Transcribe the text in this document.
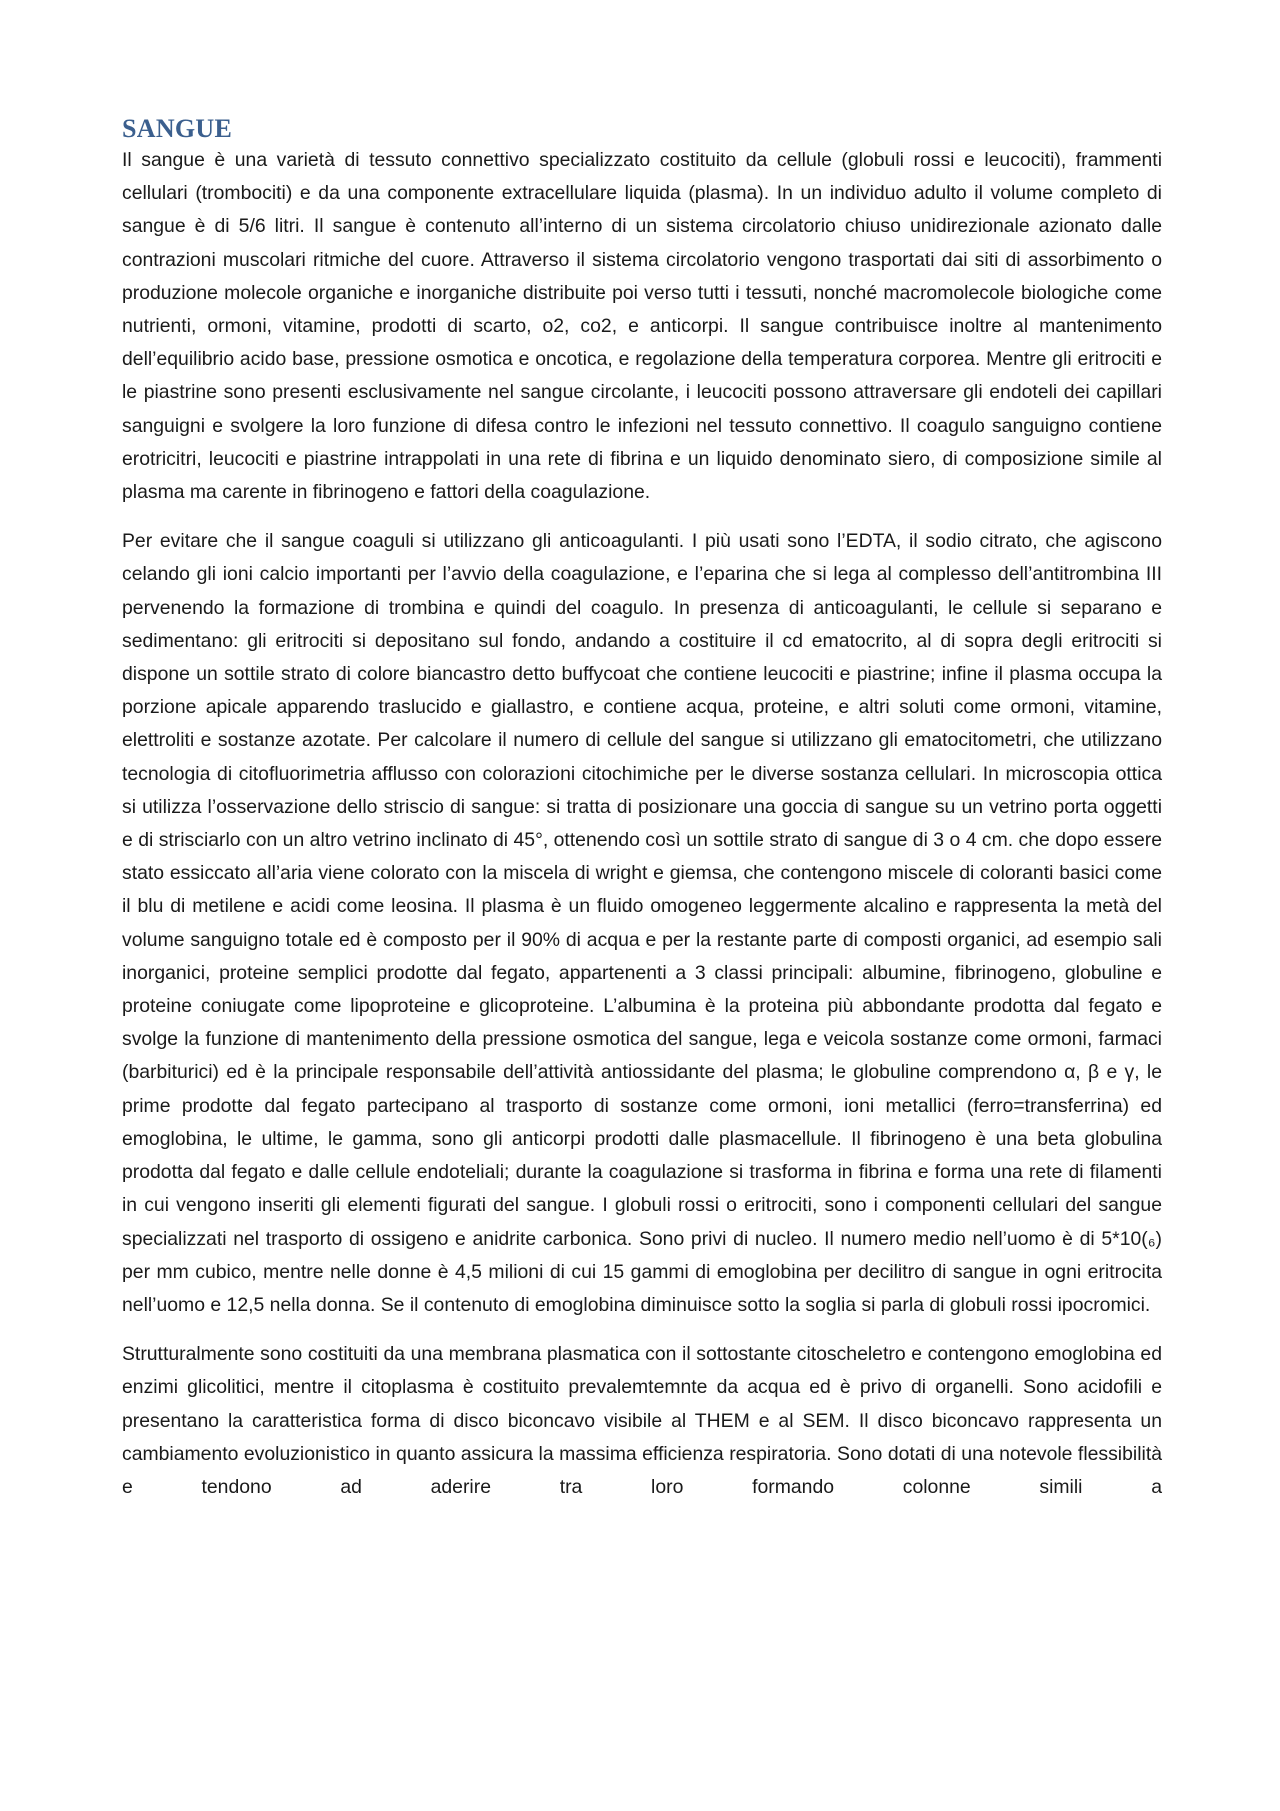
SANGUE

Il sangue è una varietà di tessuto connettivo specializzato costituito da cellule (globuli rossi e leucociti), frammenti cellulari (trombociti) e da una componente extracellulare liquida (plasma). In un individuo adulto il volume completo di sangue è di 5/6 litri. Il sangue è contenuto all’interno di un sistema circolatorio chiuso unidirezionale azionato dalle contrazioni muscolari ritmiche del cuore. Attraverso il sistema circolatorio vengono trasportati dai siti di assorbimento o produzione molecole organiche e inorganiche distribuite poi verso tutti i tessuti, nonché macromolecole biologiche come nutrienti, ormoni, vitamine, prodotti di scarto, o2, co2, e anticorpi. Il sangue contribuisce inoltre al mantenimento dell’equilibrio acido base, pressione osmotica e oncotica, e regolazione della temperatura corporea. Mentre gli eritrociti e le piastrine sono presenti esclusivamente nel sangue circolante, i leucociti possono attraversare gli endoteli dei capillari sanguigni e svolgere la loro funzione di difesa contro le infezioni nel tessuto connettivo. Il coagulo sanguigno contiene erotricitri, leucociti e piastrine intrappolati in una rete di fibrina e un liquido denominato siero, di composizione simile al plasma ma carente in fibrinogeno e fattori della coagulazione.

Per evitare che il sangue coaguli si utilizzano gli anticoagulanti. I più usati sono l’EDTA, il sodio citrato, che agiscono celando gli ioni calcio importanti per l’avvio della coagulazione, e l’eparina che si lega al complesso dell’antitrombina III pervenendo la formazione di trombina e quindi del coagulo. In presenza di anticoagulanti, le cellule si separano e sedimentano: gli eritrociti si depositano sul fondo, andando a costituire il cd ematocrito, al di sopra degli eritrociti si dispone un sottile strato di colore biancastro detto buffycoat che contiene leucociti e piastrine; infine il plasma occupa la porzione apicale apparendo traslucido e giallastro, e contiene acqua, proteine, e altri soluti come ormoni, vitamine, elettroliti e sostanze azotate. Per calcolare il numero di cellule del sangue si utilizzano gli ematocitometri, che utilizzano tecnologia di citofluorimetria afflusso con colorazioni citochimiche per le diverse sostanza cellulari. In microscopia ottica si utilizza l’osservazione dello striscio di sangue: si tratta di posizionare una goccia di sangue su un vetrino porta oggetti e di strisciarlo con un altro vetrino inclinato di 45°, ottenendo così un sottile strato di sangue di 3 o 4 cm. che dopo essere stato essiccato all’aria viene colorato con la miscela di wright e giemsa, che contengono miscele di coloranti basici come il blu di metilene e acidi come leosina. Il plasma è un fluido omogeneo leggermente alcalino e rappresenta la metà del volume sanguigno totale ed è composto per il 90% di acqua e per la restante parte di composti organici, ad esempio sali inorganici, proteine semplici prodotte dal fegato, appartenenti a 3 classi principali: albumine, fibrinogeno, globuline e proteine coniugate come lipoproteine e glicoproteine. L’albumina è la proteina più abbondante prodotta dal fegato e svolge la funzione di mantenimento della pressione osmotica del sangue, lega e veicola sostanze come ormoni, farmaci (barbiturici) ed è la principale responsabile dell’attività antiossidante del plasma; le globuline comprendono α, β e γ, le prime prodotte dal fegato partecipano al trasporto di sostanze come ormoni, ioni metallici (ferro=transferrina) ed emoglobina, le ultime, le gamma, sono gli anticorpi prodotti dalle plasmacellule. Il fibrinogeno è una beta globulina prodotta dal fegato e dalle cellule endoteliali; durante la coagulazione si trasforma in fibrina e forma una rete di filamenti in cui vengono inseriti gli elementi figurati del sangue. I globuli rossi o eritrociti, sono i componenti cellulari del sangue specializzati nel trasporto di ossigeno e anidrite carbonica. Sono privi di nucleo. Il numero medio nell’uomo è di 5*10(₆) per mm cubico, mentre nelle donne è 4,5 milioni di cui 15 gammi di emoglobina per decilitro di sangue in ogni eritrocita nell’uomo e 12,5 nella donna. Se il contenuto di emoglobina diminuisce sotto la soglia si parla di globuli rossi ipocromici.

Strutturalmente sono costituiti da una membrana plasmatica con il sottostante citoscheletro e contengono emoglobina ed enzimi glicolitici, mentre il citoplasma è costituito prevalemtemnte da acqua ed è privo di organelli. Sono acidofili e presentano la caratteristica forma di disco biconcavo visibile al THEM e al SEM. Il disco biconcavo rappresenta un cambiamento evoluzionistico in quanto assicura la massima efficienza respiratoria. Sono dotati di una notevole flessibilità e tendono ad aderire tra loro formando colonne simili a
